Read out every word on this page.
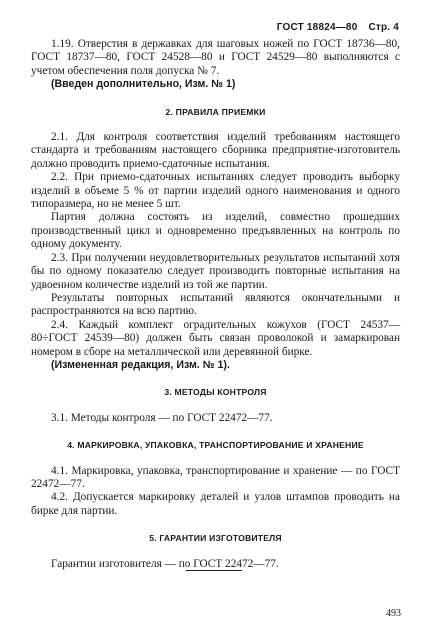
ГОСТ 18824—80 Стр. 4

1.19. Отверстия в державках для шаговых ножей по ГОСТ 18736—80, ГОСТ 18737—80, ГОСТ 24528—80 и ГОСТ 24529—80 выполняются с учетом обеспечения поля допуска № 7.

(Введен дополнительно, Изм. № 1)

2. ПРАВИЛА ПРИЕМКИ

2.1. Для контроля соответствия изделий требованиям настоящего стандарта и требованиям настоящего сборника предприятие-изготовитель должно проводить приемо-сдаточные испытания.

2.2. При приемо-сдаточных испытаниях следует проводить выборку изделий в объеме 5 % от партии изделий одного наименования и одного типоразмера, но не менее 5 шт.

Партия должна состоять из изделий, совместно прошедших производственный цикл и одновременно предъявленных на контроль по одному документу.

2.3. При получении неудовлетворительных результатов испытаний хотя бы по одному показателю следует производить повторные испытания на удвоенном количестве изделий из той же партии.

Результаты повторных испытаний являются окончательными и распространяются на всю партию.

2.4. Каждый комплект оградительных кожухов (ГОСТ 24537—80÷ГОСТ 24539—80) должен быть связан проволокой и замаркирован номером в сборе на металлической или деревянной бирке.

(Измененная редакция, Изм. № 1).

3. МЕТОДЫ КОНТРОЛЯ

3.1. Методы контроля — по ГОСТ 22472—77.

4. МАРКИРОВКА, УПАКОВКА, ТРАНСПОРТИРОВАНИЕ И ХРАНЕНИЕ

4.1. Маркировка, упаковка, транспортирование и хранение — по ГОСТ 22472—77.

4.2. Допускается маркировку деталей и узлов штампов проводить на бирке для партии.

5. ГАРАНТИИ ИЗГОТОВИТЕЛЯ

Гарантии изготовителя — по ГОСТ 22472—77.

493
